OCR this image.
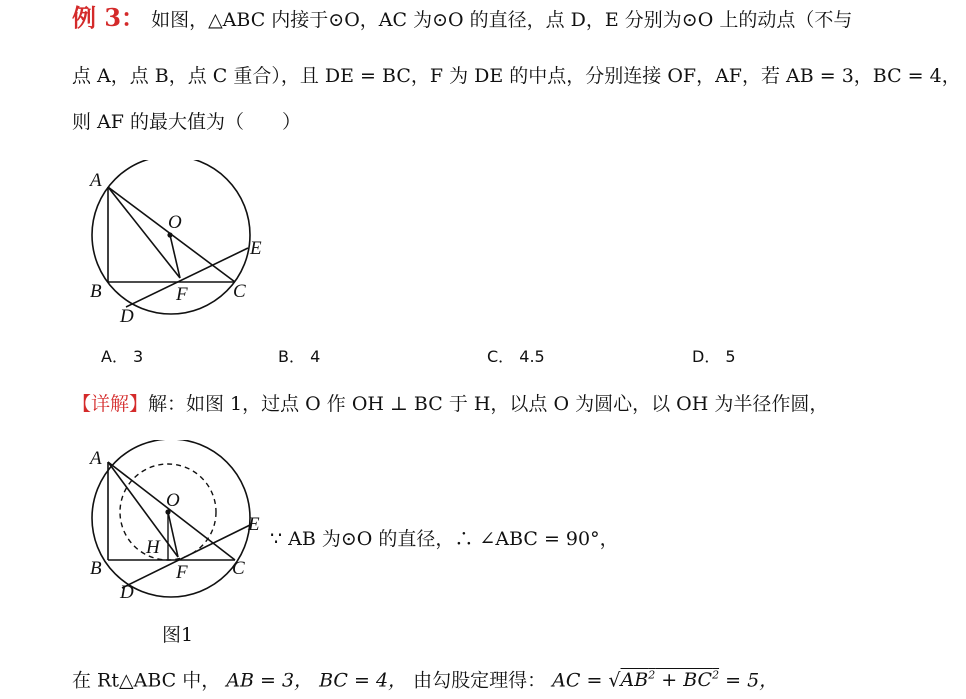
例 3： 如图，△ABC 内接于⊙O，AC 为⊙O 的直径，点 D，E 分别为⊙O 上的动点（不与
点 A，点 B，点 C 重合），且 DE = BC，F 为 DE 的中点，分别连接 OF，AF，若 AB = 3，BC = 4，
则 AF 的最大值为（　　）
A
O
E
B	F C
D
A． 3	B． 4	C． 4.5	D． 5
【详解】解：如图 1，过点 O 作 OH ⊥ BC 于 H，以点 O 为圆心，以 OH 为半径作圆，
A
O
E
H
B	F C
D
∵ AB 为⊙O 的直径，∴ ∠ABC = 90°，
图1
在 Rt△ABC 中， AB = 3， BC = 4， 由勾股定理得： AC = $√AB^2 + BC^2 = 5$，
